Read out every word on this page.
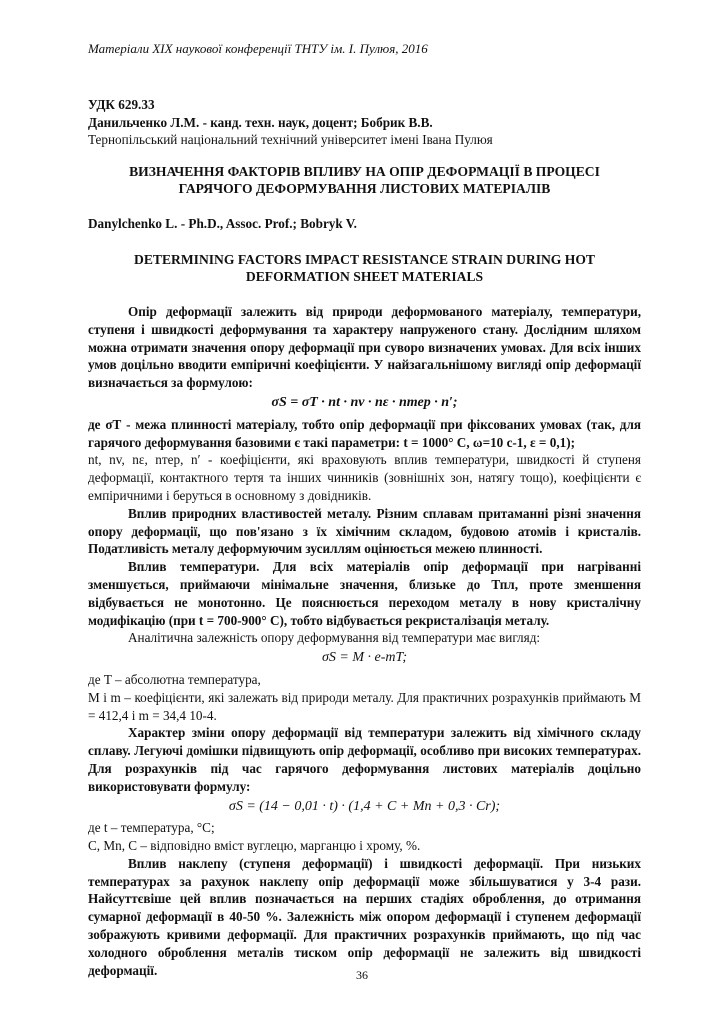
Матеріали XIX наукової конференції ТНТУ ім. І. Пулюя, 2016
УДК 629.33
Данильченко Л.М. - канд. техн. наук, доцент; Бобрик В.В.
Тернопільський національний технічний університет імені Івана Пулюя
ВИЗНАЧЕННЯ ФАКТОРІВ ВПЛИВУ НА ОПІР ДЕФОРМАЦІЇ В ПРОЦЕСІ ГАРЯЧОГО ДЕФОРМУВАННЯ ЛИСТОВИХ МАТЕРІАЛІВ
Danylchenko L. - Ph.D., Assoc. Prof.; Bobryk V.
DETERMINING FACTORS IMPACT RESISTANCE STRAIN DURING HOT DEFORMATION SHEET MATERIALS

Опір деформації залежить від природи деформованого матеріалу, температури, ступеня і швидкості деформування та характеру напруженого стану. Дослідним шляхом можна отримати значення опору деформації при суворо визначених умовах. Для всіх інших умов доцільно вводити емпіричні коефіцієнти. У найзагальнішому вигляді опір деформації визначається за формулою:

σS = σT · nt · nv · nε · nтер · n′;

де σТ - межа плинності матеріалу, тобто опір деформації при фіксованих умовах (так, для гарячого деформування базовими є такі параметри: t = 1000° C, ω=10 c-1, ε = 0,1);

nt, nv, nε, nтер, n′ - коефіцієнти, які враховують вплив температури, швидкості й ступеня деформації, контактного тертя та інших чинників (зовнішніх зон, натягу тощо), коефіцієнти є емпіричними і беруться в основному з довідників.

Вплив природних властивостей металу. Різним сплавам притаманні різні значення опору деформації, що пов'язано з їх хімічним складом, будовою атомів і кристалів. Податливість металу деформуючим зусиллям оцінюється межею плинності.

Вплив температури. Для всіх матеріалів опір деформації при нагріванні зменшується, приймаючи мінімальне значення, близьке до Тпл, проте зменшення відбувається не монотонно. Це пояснюється переходом металу в нову кристалічну модифікацію (при t = 700-900° С), тобто відбувається рекристалізація металу.

Аналітична залежність опору деформування від температури має вигляд:

σS = M · e-mT;

де T – абсолютна температура,

M і m – коефіцієнти, які залежать від природи металу. Для практичних розрахунків приймають M = 412,4 і m = 34,4 10-4.

Характер зміни опору деформації від температури залежить від хімічного складу сплаву. Легуючі домішки підвищують опір деформації, особливо при високих температурах. Для розрахунків під час гарячого деформування листових матеріалів доцільно використовувати формулу:

σS = (14 − 0,01 · t) · (1,4 + C + Mn + 0,3 · Cr);

де t – температура, °C;

C, Mn, C – відповідно вміст вуглецю, марганцю і хрому, %.

Вплив наклепу (ступеня деформації) і швидкості деформації. При низьких температурах за рахунок наклепу опір деформації може збільшуватися у 3-4 рази. Найсуттєвіше цей вплив позначається на перших стадіях оброблення, до отримання сумарної деформації в 40-50 %. Залежність між опором деформації і ступенем деформації зображують кривими деформації. Для практичних розрахунків приймають, що під час холодного оброблення металів тиском опір деформації не залежить від швидкості деформації.	36
